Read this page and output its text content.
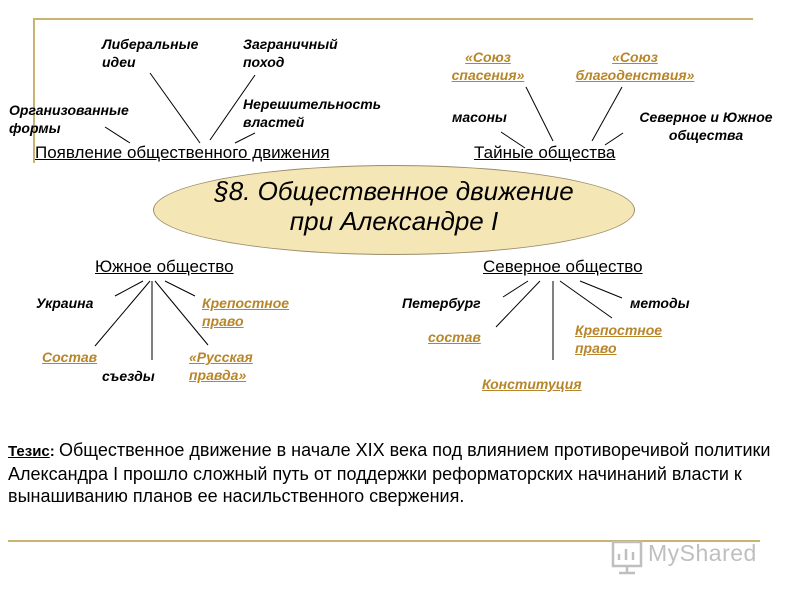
Либеральные
идеи
Заграничный
поход
Организованные
формы
Нерешительность
властей
«Союз
спасения»
«Союз
благоденствия»
масоны	Северное и Южное
общества
Появление общественного движения	Тайные общества
§8. Общественное движение
при Александре I
Южное общество	Северное общество
Украина	Крепостное
право
Состав
съезды
«Русская
правда»
Петербург	методы
состав	Крепостное
право
Конституция
Тезис: Общественное движение в начале XIX века под влиянием противоречивой политики Александра I прошло сложный путь от поддержки реформаторских начинаний власти к вынашиванию планов ее насильственного свержения.
MyShared
